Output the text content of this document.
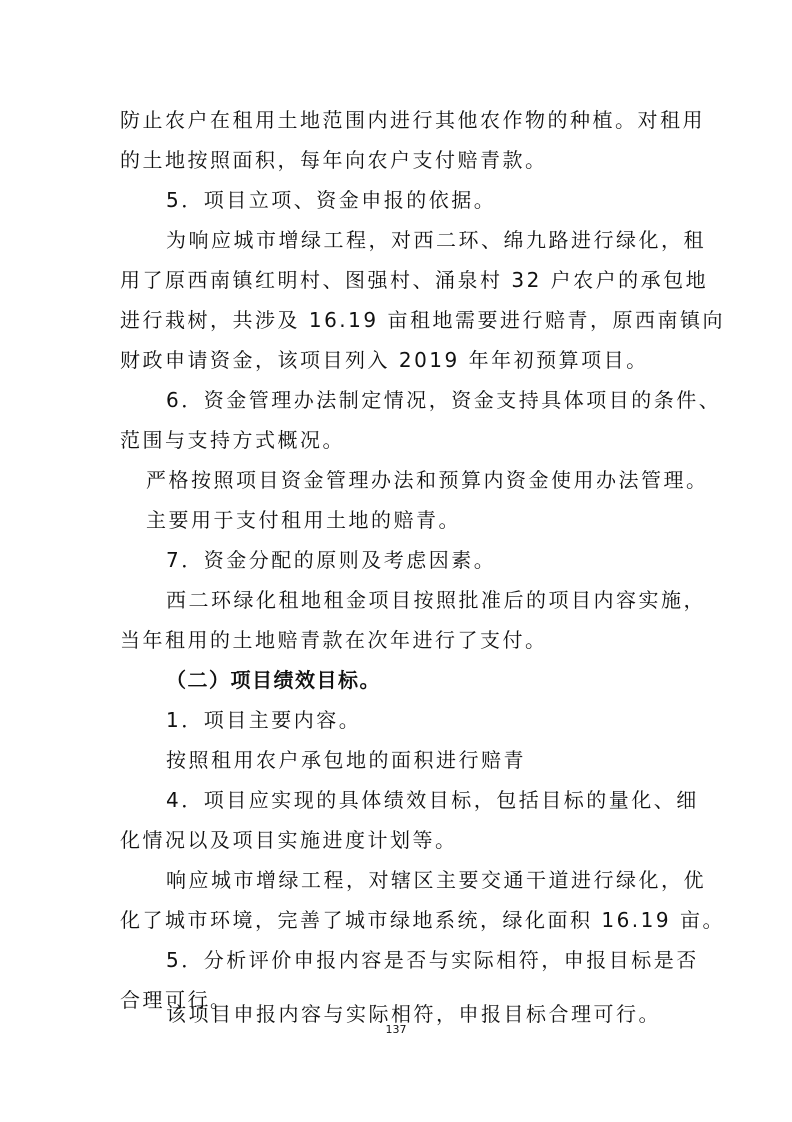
防止农户在租用土地范围内进行其他农作物的种植。对租用
的土地按照面积，每年向农户支付赔青款。
5．项目立项、资金申报的依据。
为响应城市增绿工程，对西二环、绵九路进行绿化，租
用了原西南镇红明村、图强村、涌泉村 32 户农户的承包地
进行栽树，共涉及 16.19 亩租地需要进行赔青，原西南镇向
财政申请资金，该项目列入 2019 年年初预算项目。
6．资金管理办法制定情况，资金支持具体项目的条件、
范围与支持方式概况。
严格按照项目资金管理办法和预算内资金使用办法管理。
主要用于支付租用土地的赔青。
7．资金分配的原则及考虑因素。
西二环绿化租地租金项目按照批准后的项目内容实施，
当年租用的土地赔青款在次年进行了支付。
（二）项目绩效目标。
1．项目主要内容。
按照租用农户承包地的面积进行赔青
4．项目应实现的具体绩效目标，包括目标的量化、细
化情况以及项目实施进度计划等。
响应城市增绿工程，对辖区主要交通干道进行绿化，优
化了城市环境，完善了城市绿地系统，绿化面积 16.19 亩。
5．分析评价申报内容是否与实际相符，申报目标是否
合理可行。
该项目申报内容与实际相符，申报目标合理可行。
137
